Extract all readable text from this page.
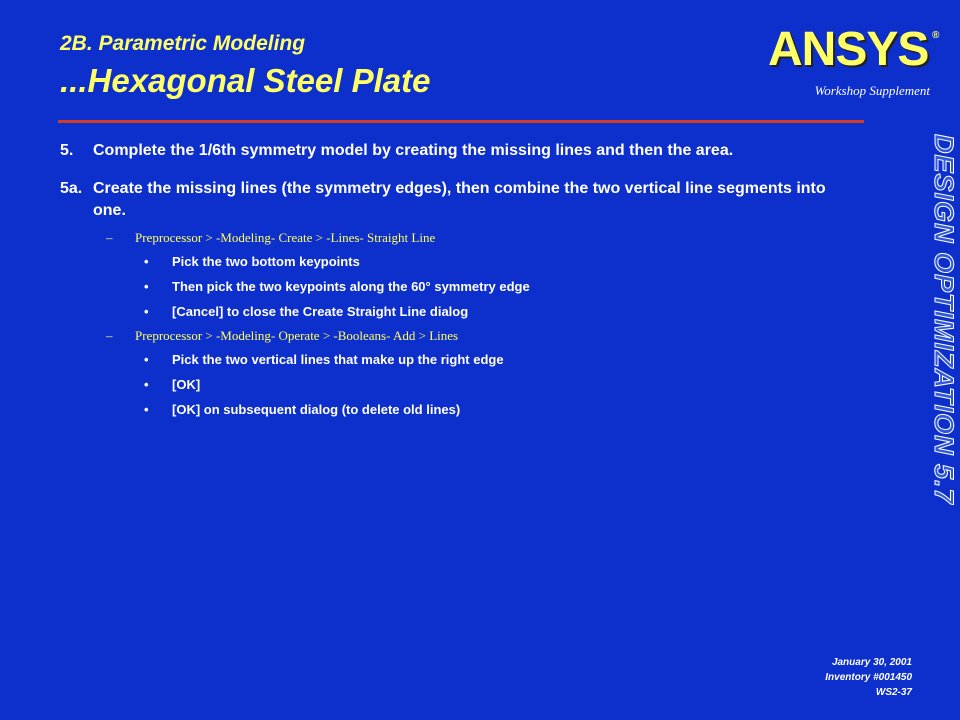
2B. Parametric Modeling
...Hexagonal Steel Plate
ANSYS ®
Workshop Supplement
DESIGN OPTIMIZATION 5.7
5. Complete the 1/6th symmetry model by creating the missing lines and then the area.
5a. Create the missing lines (the symmetry edges), then combine the two vertical line segments into one.
– Preprocessor > -Modeling- Create > -Lines- Straight Line
• Pick the two bottom keypoints
• Then pick the two keypoints along the 60° symmetry edge
• [Cancel] to close the Create Straight Line dialog
– Preprocessor > -Modeling- Operate > -Booleans- Add > Lines
• Pick the two vertical lines that make up the right edge
• [OK]
• [OK] on subsequent dialog (to delete old lines)
January 30, 2001
Inventory #001450
WS2-37
